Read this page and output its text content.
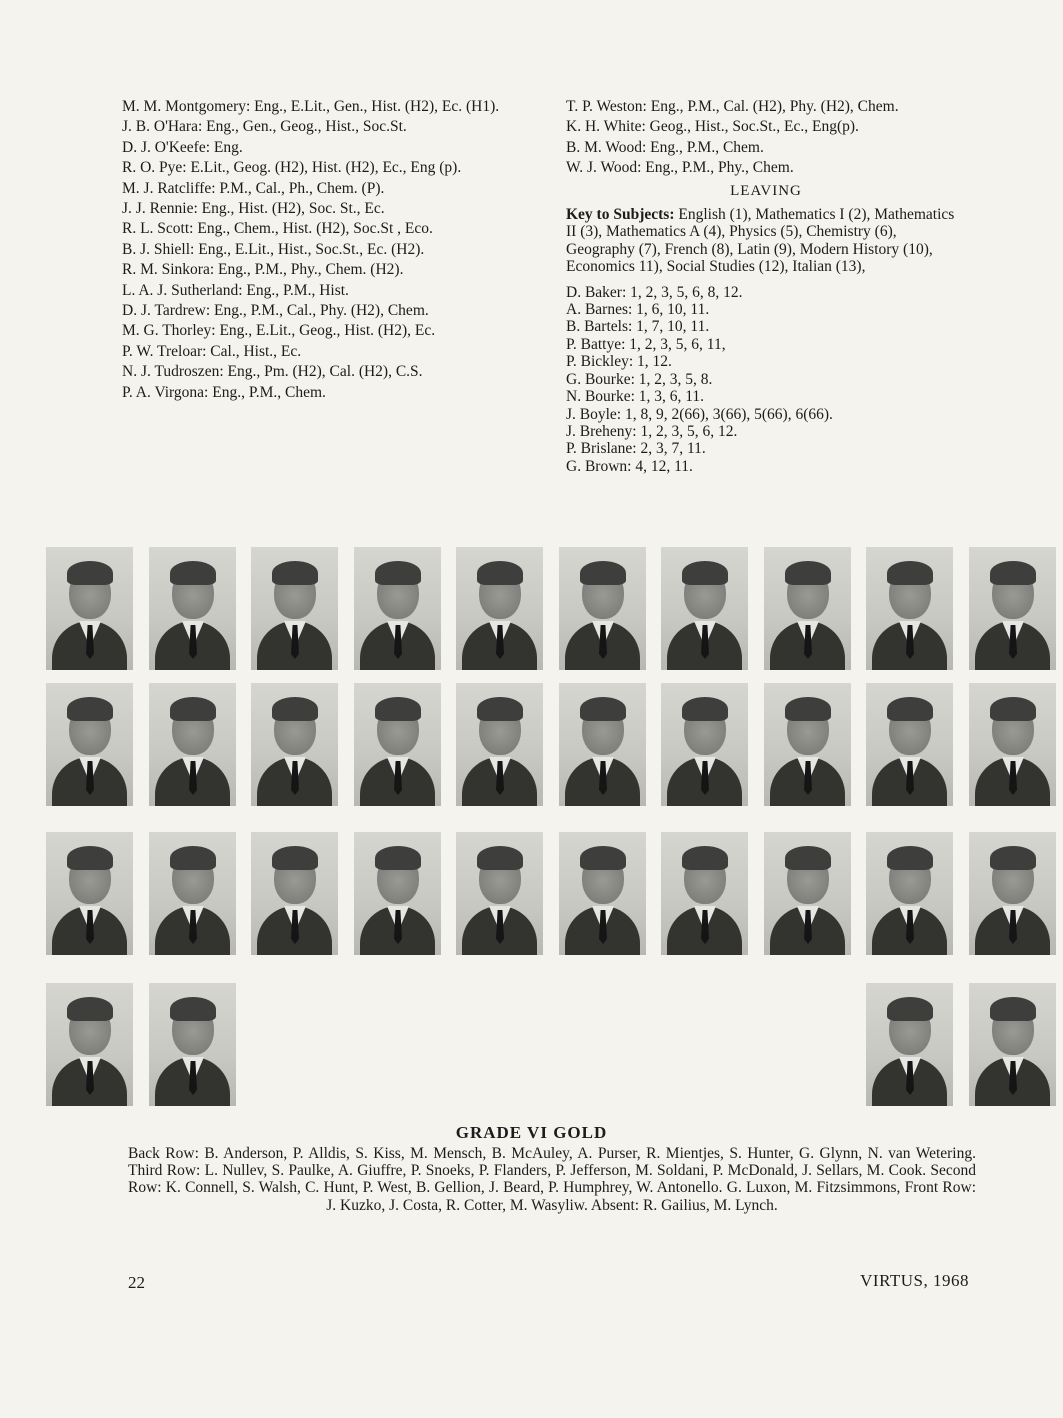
M. M. Montgomery: Eng., E.Lit., Gen., Hist. (H2), Ec. (H1).

J. B. O'Hara: Eng., Gen., Geog., Hist., Soc.St.

D. J. O'Keefe: Eng.

R. O. Pye: E.Lit., Geog. (H2), Hist. (H2), Ec., Eng (p).

M. J. Ratcliffe: P.M., Cal., Ph., Chem. (P).

J. J. Rennie: Eng., Hist. (H2), Soc. St., Ec.

R. L. Scott: Eng., Chem., Hist. (H2), Soc.St , Eco.

B. J. Shiell: Eng., E.Lit., Hist., Soc.St., Ec. (H2).

R. M. Sinkora: Eng., P.M., Phy., Chem. (H2).

L. A. J. Sutherland: Eng., P.M., Hist.

D. J. Tardrew: Eng., P.M., Cal., Phy. (H2), Chem.

M. G. Thorley: Eng., E.Lit., Geog., Hist. (H2), Ec.

P. W. Treloar: Cal., Hist., Ec.

N. J. Tudroszen: Eng., Pm. (H2), Cal. (H2), C.S.

P. A. Virgona: Eng., P.M., Chem.

T. P. Weston: Eng., P.M., Cal. (H2), Phy. (H2), Chem.

K. H. White: Geog., Hist., Soc.St., Ec., Eng(p).

B. M. Wood: Eng., P.M., Chem.

W. J. Wood: Eng., P.M., Phy., Chem.

LEAVING

Key to Subjects: English (1), Mathematics I (2), Mathematics II (3), Mathematics A (4), Physics (5), Chemistry (6), Geography (7), French (8), Latin (9), Modern History (10), Economics 11), Social Studies (12), Italian (13),

D. Baker: 1, 2, 3, 5, 6, 8, 12.

A. Barnes: 1, 6, 10, 11.

B. Bartels: 1, 7, 10, 11.

P. Battye: 1, 2, 3, 5, 6, 11,

P. Bickley: 1, 12.

G. Bourke: 1, 2, 3, 5, 8.

N. Bourke: 1, 3, 6, 11.

J. Boyle: 1, 8, 9, 2(66), 3(66), 5(66), 6(66).

J. Breheny: 1, 2, 3, 5, 6, 12.

P. Brislane: 2, 3, 7, 11.

G. Brown: 4, 12, 11.

GRADE VI GOLD
Back Row: B. Anderson, P. Alldis, S. Kiss, M. Mensch, B. McAuley, A. Purser, R. Mientjes, S. Hunter, G. Glynn, N. van Wetering. Third Row: L. Nullev, S. Paulke, A. Giuffre, P. Snoeks, P. Flanders, P. Jefferson, M. Soldani, P. McDonald, J. Sellars, M. Cook. Second Row: K. Connell, S. Walsh, C. Hunt, P. West, B. Gellion, J. Beard, P. Humphrey, W. Antonello. G. Luxon, M. Fitzsimmons, Front Row: J. Kuzko, J. Costa, R. Cotter, M. Wasyliw. Absent: R. Gailius, M. Lynch.
22	VIRTUS, 1968
